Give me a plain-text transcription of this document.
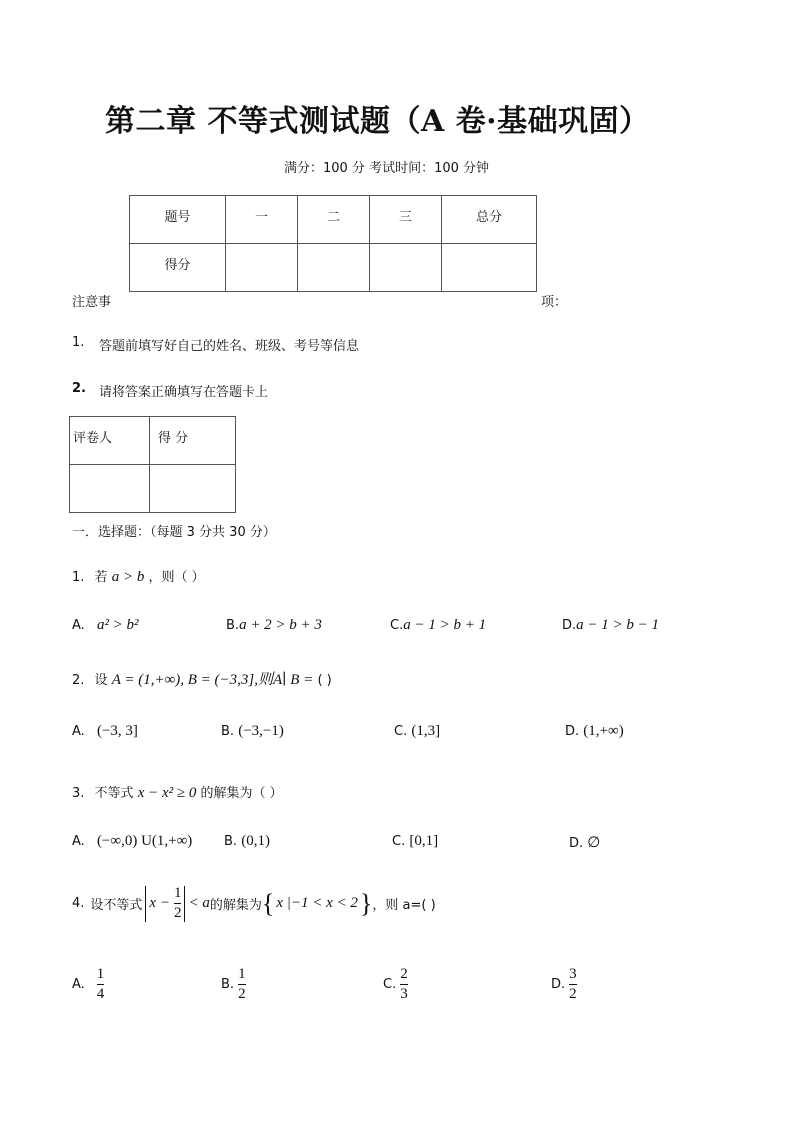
第二章 不等式测试题（A 卷·基础巩固）
满分：100 分 考试时间：100 分钟
题号	一	二	三	总分
得分				
注意事	项：
1. 答题前填写好自己的姓名、班级、考号等信息
2. 请将答案正确填写在答题卡上
评卷人	得 分

一．选择题：（每题 3 分共 30 分）
1. 若 a > b ，则（ ）
A. a² > b²	B.a + 2 > b + 3	C.a − 1 > b + 1	D.a − 1 > b − 1
2. 设 A = (1,+∞), B = (−3,3],则A∣ B = ( )
A. (−3, 3]	B. (−3,−1)	C. (1,3]	D. (1,+∞)
3. 不等式 x − x² ≥ 0 的解集为（ ）
A. (−∞,0) U(1,+∞) B. (0,1)	C. [0,1]	D. ∅
4. 设不等式 $x - \frac{1}{2} < a$ 的解集为 { x |−1 < x < 2 } ，则 a=( )
A. $\frac{1}{4}$	B. $\frac{1}{2}$	C. $\frac{2}{3}$	D. $\frac{3}{2}$
